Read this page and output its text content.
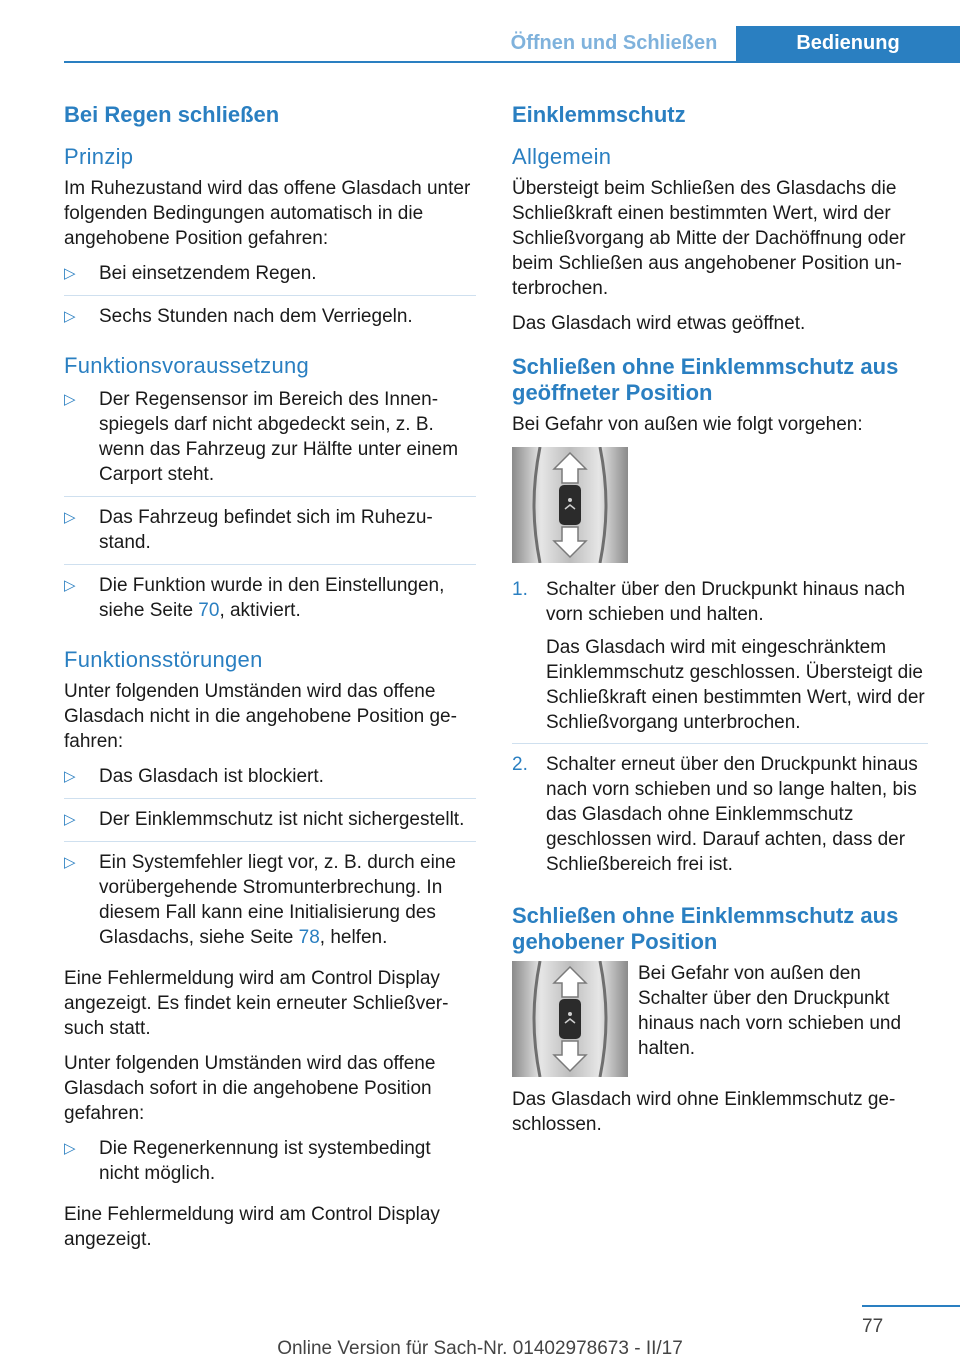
Öffnen und Schließen	Bedienung
Bei Regen schließen
Prinzip

Im Ruhezustand wird das offene Glasdach unter folgenden Bedingungen automatisch in die angehobene Position gefahren:

▷ Bei einsetzendem Regen.
▷ Sechs Stunden nach dem Verriegeln.
Funktionsvoraussetzung
▷ Der Regensensor im Bereich des Innenspiegels darf nicht abgedeckt sein, z. B. wenn das Fahrzeug zur Hälfte unter einem Carport steht.
▷ Das Fahrzeug befindet sich im Ruhezustand.
▷ Die Funktion wurde in den Einstellungen, siehe Seite 70, aktiviert.
Funktionsstörungen

Unter folgenden Umständen wird das offene Glasdach nicht in die angehobene Position gefahren:

▷ Das Glasdach ist blockiert.
▷ Der Einklemmschutz ist nicht sichergestellt.
▷ Ein Systemfehler liegt vor, z. B. durch eine vorübergehende Stromunterbrechung. In diesem Fall kann eine Initialisierung des Glasdachs, siehe Seite 78, helfen.

Eine Fehlermeldung wird am Control Display angezeigt. Es findet kein erneuter Schließversuch statt.

Unter folgenden Umständen wird das offene Glasdach sofort in die angehobene Position gefahren:

▷ Die Regenerkennung ist systembedingt nicht möglich.

Eine Fehlermeldung wird am Control Display angezeigt.

Einklemmschutz
Allgemein

Übersteigt beim Schließen des Glasdachs die Schließkraft einen bestimmten Wert, wird der Schließvorgang ab Mitte der Dachöffnung oder beim Schließen aus angehobener Position unterbrochen.

Das Glasdach wird etwas geöffnet.

Schließen ohne Einklemmschutz aus geöffneter Position

Bei Gefahr von außen wie folgt vorgehen:

1. Schalter über den Druckpunkt hinaus nach vorn schieben und halten.

Das Glasdach wird mit eingeschränktem Einklemmschutz geschlossen. Übersteigt die Schließkraft einen bestimmten Wert, wird der Schließvorgang unterbrochen.

2. Schalter erneut über den Druckpunkt hinaus nach vorn schieben und so lange halten, bis das Glasdach ohne Einklemmschutz geschlossen wird. Darauf achten, dass der Schließbereich frei ist.

Schließen ohne Einklemmschutz aus gehobener Position

Bei Gefahr von außen den Schalter über den Druckpunkt hinaus nach vorn schieben und halten.

Das Glasdach wird ohne Einklemmschutz geschlossen.

77
Online Version für Sach-Nr. 01402978673 - II/17
